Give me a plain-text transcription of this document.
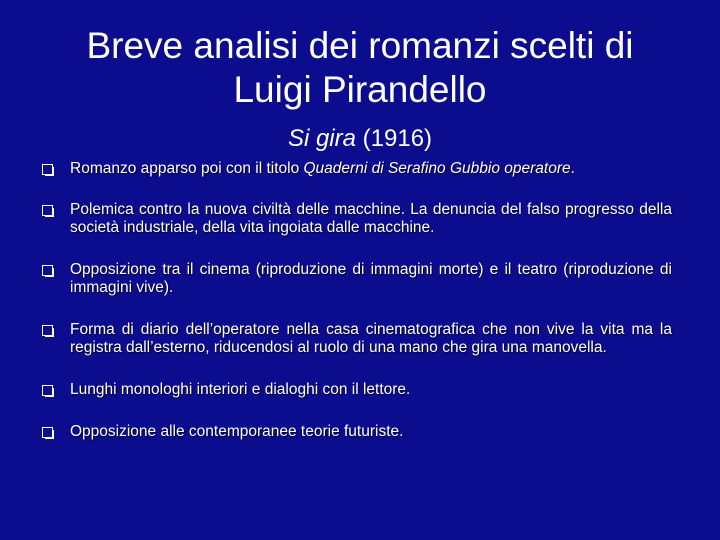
Breve analisi dei romanzi scelti di
Luigi Pirandello
Si gira (1916)
Romanzo apparso poi con il titolo Quaderni di Serafino Gubbio operatore.
Polemica contro la nuova civiltà delle macchine. La denuncia del falso progresso della società industriale, della vita ingoiata dalle macchine.
Opposizione tra il cinema (riproduzione di immagini morte) e il teatro (riproduzione di immagini vive).
Forma di diario dell’operatore nella casa cinematografica che non vive la vita ma la registra dall’esterno, riducendosi al ruolo di una mano che gira una manovella.
Lunghi monologhi interiori e dialoghi con il lettore.
Opposizione alle contemporanee teorie futuriste.
